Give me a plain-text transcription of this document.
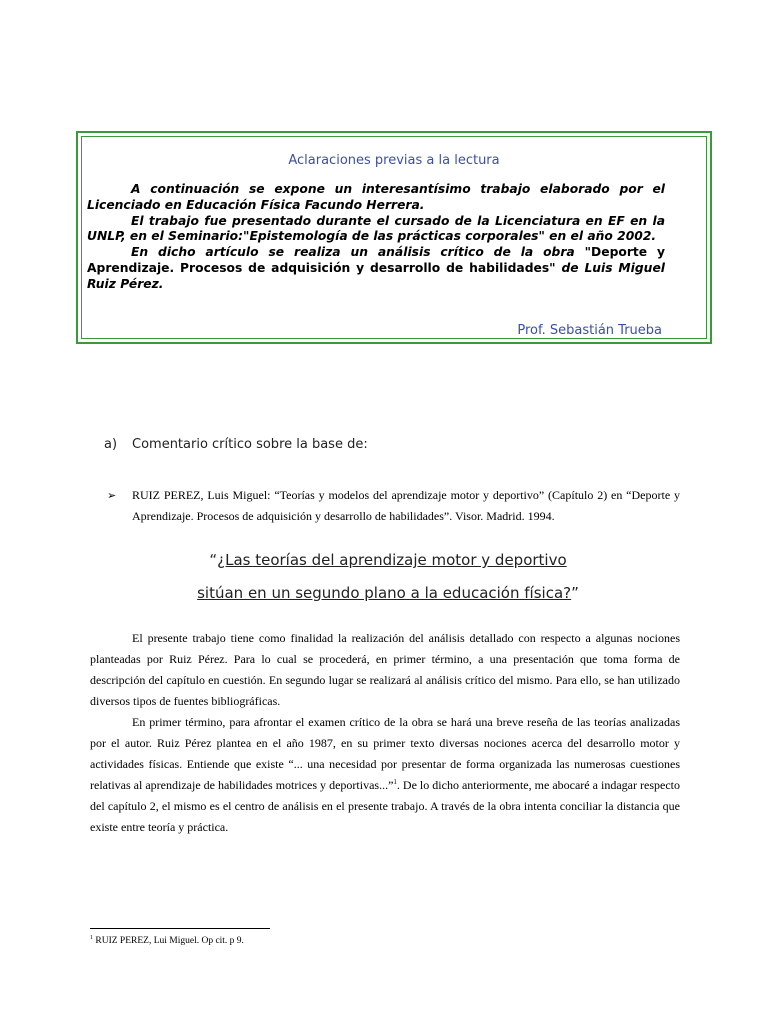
Aclaraciones previas a la lectura

A continuación se expone un interesantísimo trabajo elaborado por el Licenciado en Educación Física Facundo Herrera.

El trabajo fue presentado durante el cursado de la Licenciatura en EF en la UNLP, en el Seminario:"Epistemología de las prácticas corporales" en el año 2002.

En dicho artículo se realiza un análisis crítico de la obra "Deporte y Aprendizaje. Procesos de adquisición y desarrollo de habilidades" de Luis Miguel Ruiz Pérez.

Prof. Sebastián Trueba
a) Comentario crítico sobre la base de:
➢ RUIZ PEREZ, Luis Miguel: “Teorías y modelos del aprendizaje motor y deportivo” (Capítulo 2) en “Deporte y Aprendizaje. Procesos de adquisición y desarrollo de habilidades”. Visor. Madrid. 1994.
“¿Las teorías del aprendizaje motor y deportivo
sitúan en un segundo plano a la educación física?”

El presente trabajo tiene como finalidad la realización del análisis detallado con respecto a algunas nociones planteadas por Ruiz Pérez. Para lo cual se procederá, en primer término, a una presentación que toma forma de descripción del capítulo en cuestión. En segundo lugar se realizará al análisis crítico del mismo. Para ello, se han utilizado diversos tipos de fuentes bibliográficas.

En primer término, para afrontar el examen crítico de la obra se hará una breve reseña de las teorías analizadas por el autor. Ruiz Pérez plantea en el año 1987, en su primer texto diversas nociones acerca del desarrollo motor y actividades físicas. Entiende que existe “... una necesidad por presentar de forma organizada las numerosas cuestiones relativas al aprendizaje de habilidades motrices y deportivas...”$^1$. De lo dicho anteriormente, me abocaré a indagar respecto del capítulo 2, el mismo es el centro de análisis en el presente trabajo. A través de la obra intenta conciliar la distancia que existe entre teoría y práctica.

$^1$ RUIZ PEREZ, Lui Miguel. Op cit. p 9.
